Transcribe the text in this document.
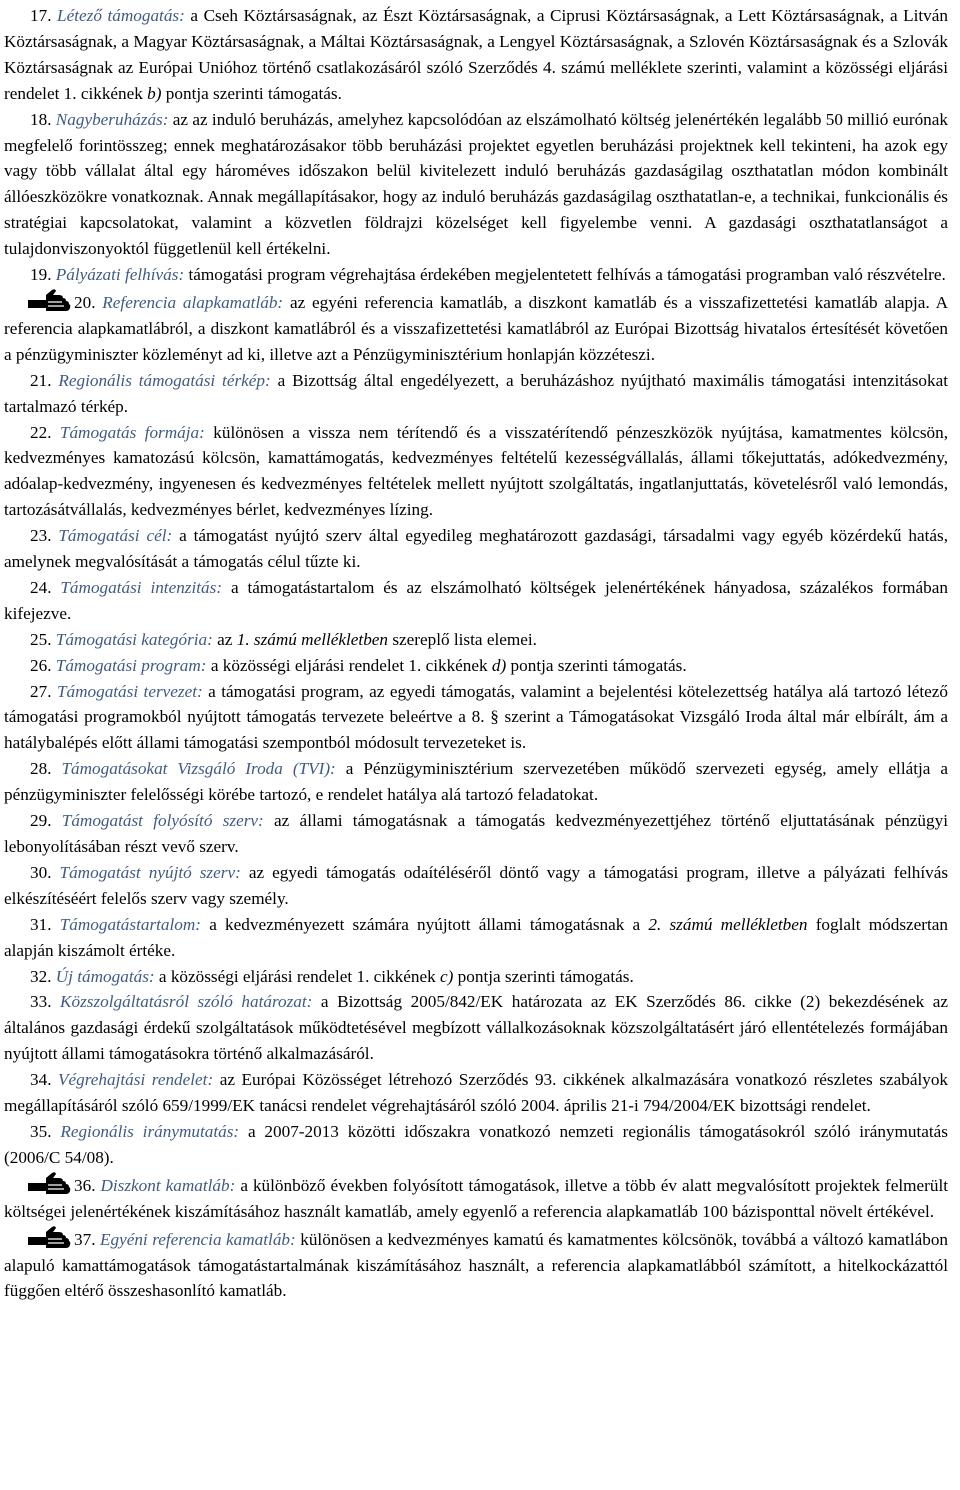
17. Létező támogatás: a Cseh Köztársaságnak, az Észt Köztársaságnak, a Ciprusi Köztársaságnak, a Lett Köztársaságnak, a Litván Köztársaságnak, a Magyar Köztársaságnak, a Máltai Köztársaságnak, a Lengyel Köztársaságnak, a Szlovén Köztársaságnak és a Szlovák Köztársaságnak az Európai Unióhoz történő csatlakozásáról szóló Szerződés 4. számú melléklete szerinti, valamint a közösségi eljárási rendelet 1. cikkének b) pontja szerinti támogatás.

18. Nagyberuházás: az az induló beruházás, amelyhez kapcsolódóan az elszámolható költség jelenértékén legalább 50 millió eurónak megfelelő forintösszeg; ennek meghatározásakor több beruházási projektet egyetlen beruházási projektnek kell tekinteni, ha azok egy vagy több vállalat által egy hároméves időszakon belül kivitelezett induló beruházás gazdaságilag oszthatatlan módon kombinált állóeszközökre vonatkoznak. Annak megállapításakor, hogy az induló beruházás gazdaságilag oszthatatlan-e, a technikai, funkcionális és stratégiai kapcsolatokat, valamint a közvetlen földrajzi közelséget kell figyelembe venni. A gazdasági oszthatatlanságot a tulajdonviszonyoktól függetlenül kell értékelni.

19. Pályázati felhívás: támogatási program végrehajtása érdekében megjelentetett felhívás a támogatási programban való részvételre.

20. Referencia alapkamatláb: az egyéni referencia kamatláb, a diszkont kamatláb és a visszafizettetési kamatláb alapja. A referencia alapkamatlábról, a diszkont kamatlábról és a visszafizettetési kamatlábról az Európai Bizottság hivatalos értesítését követően a pénzügyminiszter közleményt ad ki, illetve azt a Pénzügyminisztérium honlapján közzéteszi.

21. Regionális támogatási térkép: a Bizottság által engedélyezett, a beruházáshoz nyújtható maximális támogatási intenzitásokat tartalmazó térkép.

22. Támogatás formája: különösen a vissza nem térítendő és a visszatérítendő pénzeszközök nyújtása, kamatmentes kölcsön, kedvezményes kamatozású kölcsön, kamattámogatás, kedvezményes feltételű kezességvállalás, állami tőkejuttatás, adókedvezmény, adóalap-kedvezmény, ingyenesen és kedvezményes feltételek mellett nyújtott szolgáltatás, ingatlanjuttatás, követelésről való lemondás, tartozásátvállalás, kedvezményes bérlet, kedvezményes lízing.

23. Támogatási cél: a támogatást nyújtó szerv által egyedileg meghatározott gazdasági, társadalmi vagy egyéb közérdekű hatás, amelynek megvalósítását a támogatás célul tűzte ki.

24. Támogatási intenzitás: a támogatástartalom és az elszámolható költségek jelenértékének hányadosa, százalékos formában kifejezve.

25. Támogatási kategória: az 1. számú mellékletben szereplő lista elemei.

26. Támogatási program: a közösségi eljárási rendelet 1. cikkének d) pontja szerinti támogatás.

27. Támogatási tervezet: a támogatási program, az egyedi támogatás, valamint a bejelentési kötelezettség hatálya alá tartozó létező támogatási programokból nyújtott támogatás tervezete beleértve a 8. § szerint a Támogatásokat Vizsgáló Iroda által már elbírált, ám a hatálybalépés előtt állami támogatási szempontból módosult tervezeteket is.

28. Támogatásokat Vizsgáló Iroda (TVI): a Pénzügyminisztérium szervezetében működő szervezeti egység, amely ellátja a pénzügyminiszter felelősségi körébe tartozó, e rendelet hatálya alá tartozó feladatokat.

29. Támogatást folyósító szerv: az állami támogatásnak a támogatás kedvezményezettjéhez történő eljuttatásának pénzügyi lebonyolításában részt vevő szerv.

30. Támogatást nyújtó szerv: az egyedi támogatás odaítéléséről döntő vagy a támogatási program, illetve a pályázati felhívás elkészítéséért felelős szerv vagy személy.

31. Támogatástartalom: a kedvezményezett számára nyújtott állami támogatásnak a 2. számú mellékletben foglalt módszertan alapján kiszámolt értéke.

32. Új támogatás: a közösségi eljárási rendelet 1. cikkének c) pontja szerinti támogatás.

33. Közszolgáltatásról szóló határozat: a Bizottság 2005/842/EK határozata az EK Szerződés 86. cikke (2) bekezdésének az általános gazdasági érdekű szolgáltatások működtetésével megbízott vállalkozásoknak közszolgáltatásért járó ellentételezés formájában nyújtott állami támogatásokra történő alkalmazásáról.

34. Végrehajtási rendelet: az Európai Közösséget létrehozó Szerződés 93. cikkének alkalmazására vonatkozó részletes szabályok megállapításáról szóló 659/1999/EK tanácsi rendelet végrehajtásáról szóló 2004. április 21-i 794/2004/EK bizottsági rendelet.

35. Regionális iránymutatás: a 2007-2013 közötti időszakra vonatkozó nemzeti regionális támogatásokról szóló iránymutatás (2006/C 54/08).

36. Diszkont kamatláb: a különböző években folyósított támogatások, illetve a több év alatt megvalósított projektek felmerült költségei jelenértékének kiszámításához használt kamatláb, amely egyenlő a referencia alapkamatláb 100 bázisponttal növelt értékével.

37. Egyéni referencia kamatláb: különösen a kedvezményes kamatú és kamatmentes kölcsönök, továbbá a változó kamatlábon alapuló kamattámogatások támogatástartalmának kiszámításához használt, a referencia alapkamatlábból számított, a hitelkockázattól függően eltérő összeshasonlító kamatláb.
